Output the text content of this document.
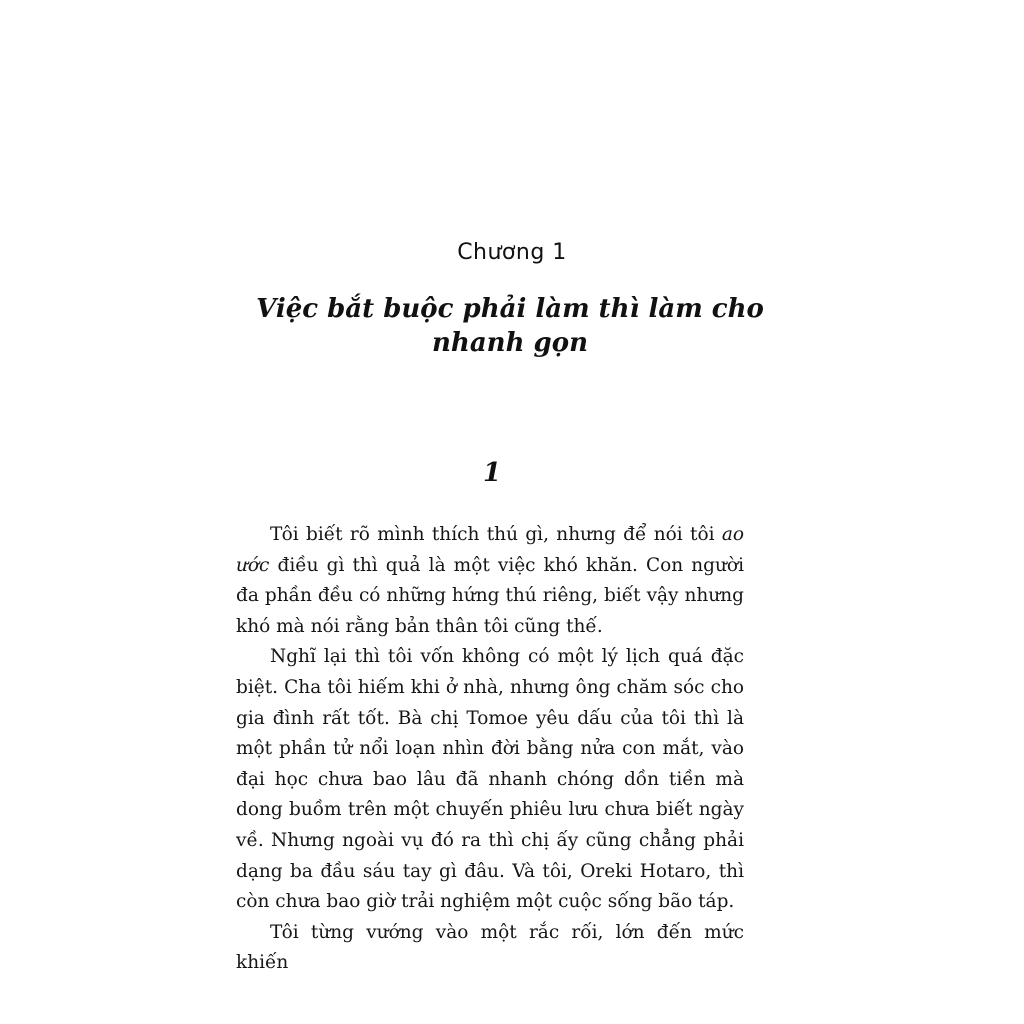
Chương 1
Việc bắt buộc phải làm thì làm cho
nhanh gọn
1

Tôi biết rõ mình thích thú gì, nhưng để nói tôi ao ước điều gì thì quả là một việc khó khăn. Con người đa phần đều có những hứng thú riêng, biết vậy nhưng khó mà nói rằng bản thân tôi cũng thế.

Nghĩ lại thì tôi vốn không có một lý lịch quá đặc biệt. Cha tôi hiếm khi ở nhà, nhưng ông chăm sóc cho gia đình rất tốt. Bà chị Tomoe yêu dấu của tôi thì là một phần tử nổi loạn nhìn đời bằng nửa con mắt, vào đại học chưa bao lâu đã nhanh chóng dồn tiền mà dong buồm trên một chuyến phiêu lưu chưa biết ngày về. Nhưng ngoài vụ đó ra thì chị ấy cũng chẳng phải dạng ba đầu sáu tay gì đâu. Và tôi, Oreki Hotaro, thì còn chưa bao giờ trải nghiệm một cuộc sống bão táp.

Tôi từng vướng vào một rắc rối, lớn đến mức khiến
